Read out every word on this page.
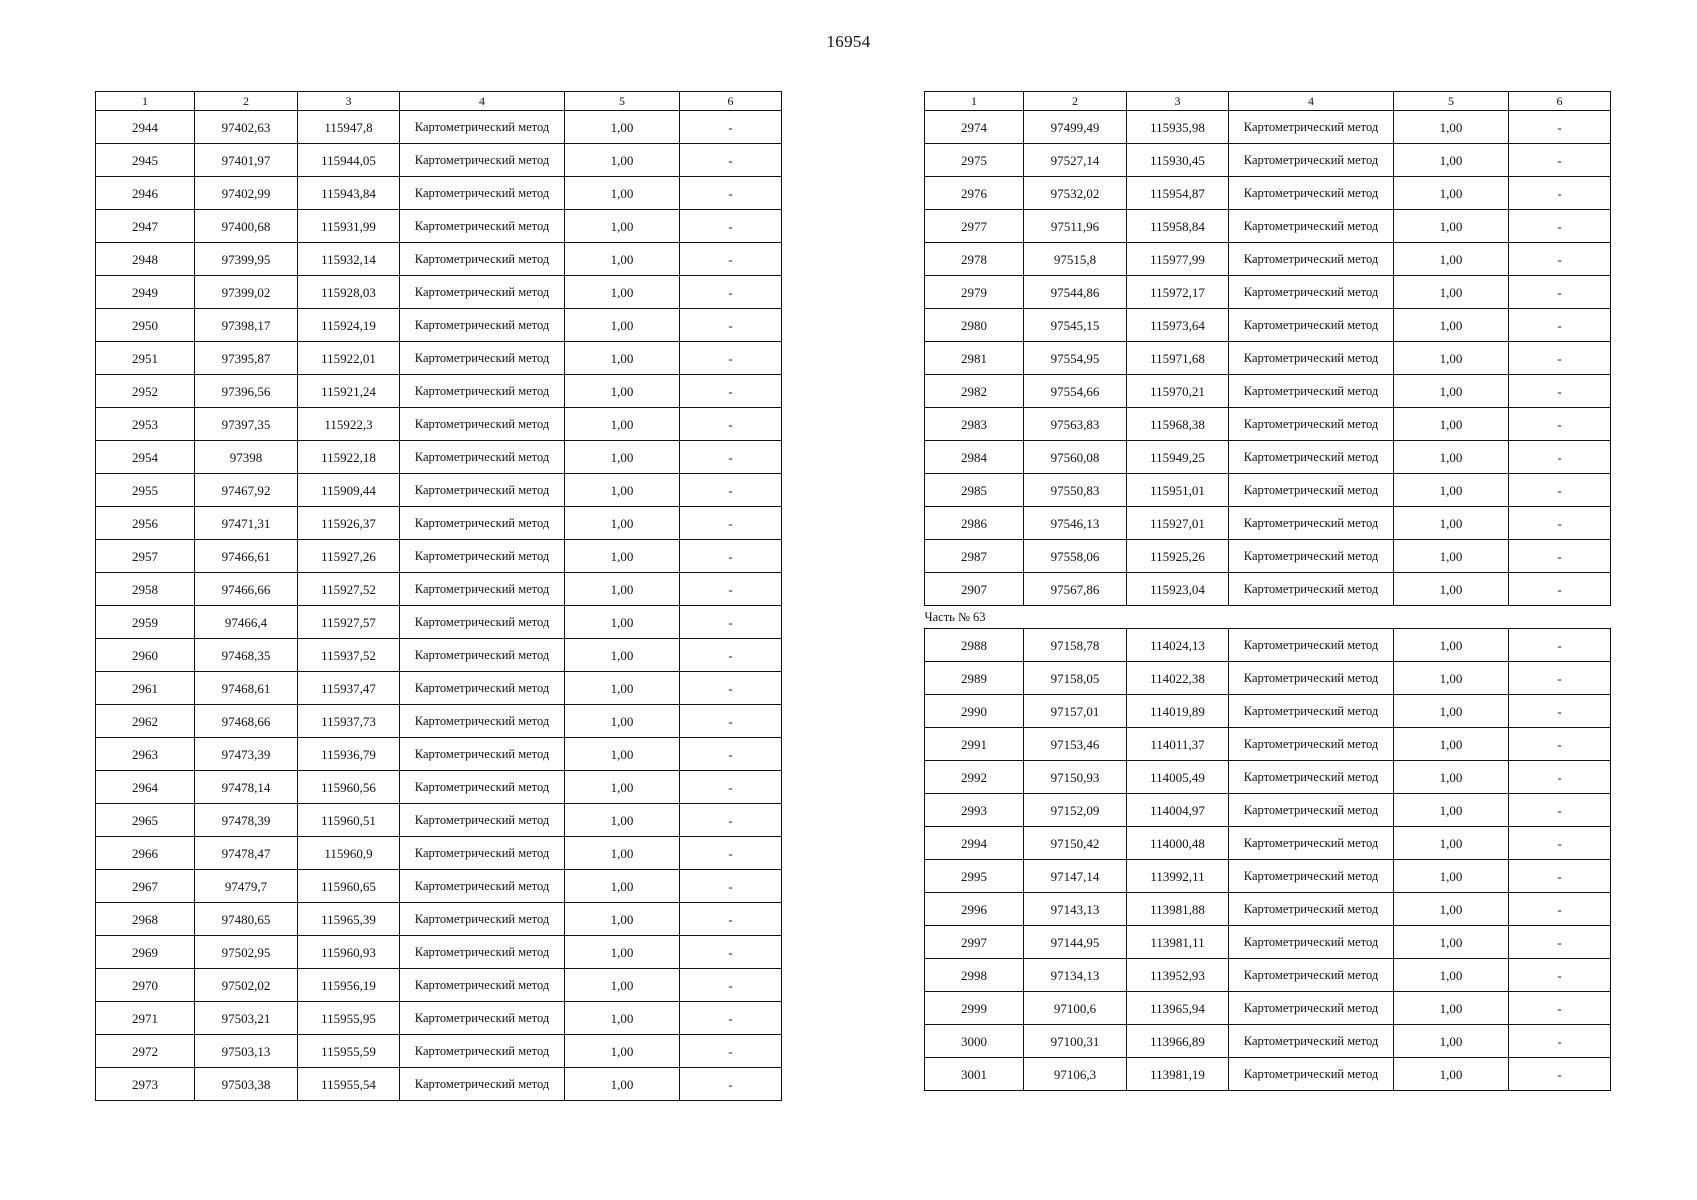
16954
1	2	3	4	5	6
2944	97402,63	115947,8	Картометрический метод	1,00	-
2945	97401,97	115944,05	Картометрический метод	1,00	-
2946	97402,99	115943,84	Картометрический метод	1,00	-
2947	97400,68	115931,99	Картометрический метод	1,00	-
2948	97399,95	115932,14	Картометрический метод	1,00	-
2949	97399,02	115928,03	Картометрический метод	1,00	-
2950	97398,17	115924,19	Картометрический метод	1,00	-
2951	97395,87	115922,01	Картометрический метод	1,00	-
2952	97396,56	115921,24	Картометрический метод	1,00	-
2953	97397,35	115922,3	Картометрический метод	1,00	-
2954	97398	115922,18	Картометрический метод	1,00	-
2955	97467,92	115909,44	Картометрический метод	1,00	-
2956	97471,31	115926,37	Картометрический метод	1,00	-
2957	97466,61	115927,26	Картометрический метод	1,00	-
2958	97466,66	115927,52	Картометрический метод	1,00	-
2959	97466,4	115927,57	Картометрический метод	1,00	-
2960	97468,35	115937,52	Картометрический метод	1,00	-
2961	97468,61	115937,47	Картометрический метод	1,00	-
2962	97468,66	115937,73	Картометрический метод	1,00	-
2963	97473,39	115936,79	Картометрический метод	1,00	-
2964	97478,14	115960,56	Картометрический метод	1,00	-
2965	97478,39	115960,51	Картометрический метод	1,00	-
2966	97478,47	115960,9	Картометрический метод	1,00	-
2967	97479,7	115960,65	Картометрический метод	1,00	-
2968	97480,65	115965,39	Картометрический метод	1,00	-
2969	97502,95	115960,93	Картометрический метод	1,00	-
2970	97502,02	115956,19	Картометрический метод	1,00	-
2971	97503,21	115955,95	Картометрический метод	1,00	-
2972	97503,13	115955,59	Картометрический метод	1,00	-
2973	97503,38	115955,54	Картометрический метод	1,00	-
1	2	3	4	5	6
2974	97499,49	115935,98	Картометрический метод	1,00	-
2975	97527,14	115930,45	Картометрический метод	1,00	-
2976	97532,02	115954,87	Картометрический метод	1,00	-
2977	97511,96	115958,84	Картометрический метод	1,00	-
2978	97515,8	115977,99	Картометрический метод	1,00	-
2979	97544,86	115972,17	Картометрический метод	1,00	-
2980	97545,15	115973,64	Картометрический метод	1,00	-
2981	97554,95	115971,68	Картометрический метод	1,00	-
2982	97554,66	115970,21	Картометрический метод	1,00	-
2983	97563,83	115968,38	Картометрический метод	1,00	-
2984	97560,08	115949,25	Картометрический метод	1,00	-
2985	97550,83	115951,01	Картометрический метод	1,00	-
2986	97546,13	115927,01	Картометрический метод	1,00	-
2987	97558,06	115925,26	Картометрический метод	1,00	-
2907	97567,86	115923,04	Картометрический метод	1,00	-
Часть № 63					
2988	97158,78	114024,13	Картометрический метод	1,00	-
2989	97158,05	114022,38	Картометрический метод	1,00	-
2990	97157,01	114019,89	Картометрический метод	1,00	-
2991	97153,46	114011,37	Картометрический метод	1,00	-
2992	97150,93	114005,49	Картометрический метод	1,00	-
2993	97152,09	114004,97	Картометрический метод	1,00	-
2994	97150,42	114000,48	Картометрический метод	1,00	-
2995	97147,14	113992,11	Картометрический метод	1,00	-
2996	97143,13	113981,88	Картометрический метод	1,00	-
2997	97144,95	113981,11	Картометрический метод	1,00	-
2998	97134,13	113952,93	Картометрический метод	1,00	-
2999	97100,6	113965,94	Картометрический метод	1,00	-
3000	97100,31	113966,89	Картометрический метод	1,00	-
3001	97106,3	113981,19	Картометрический метод	1,00	-
